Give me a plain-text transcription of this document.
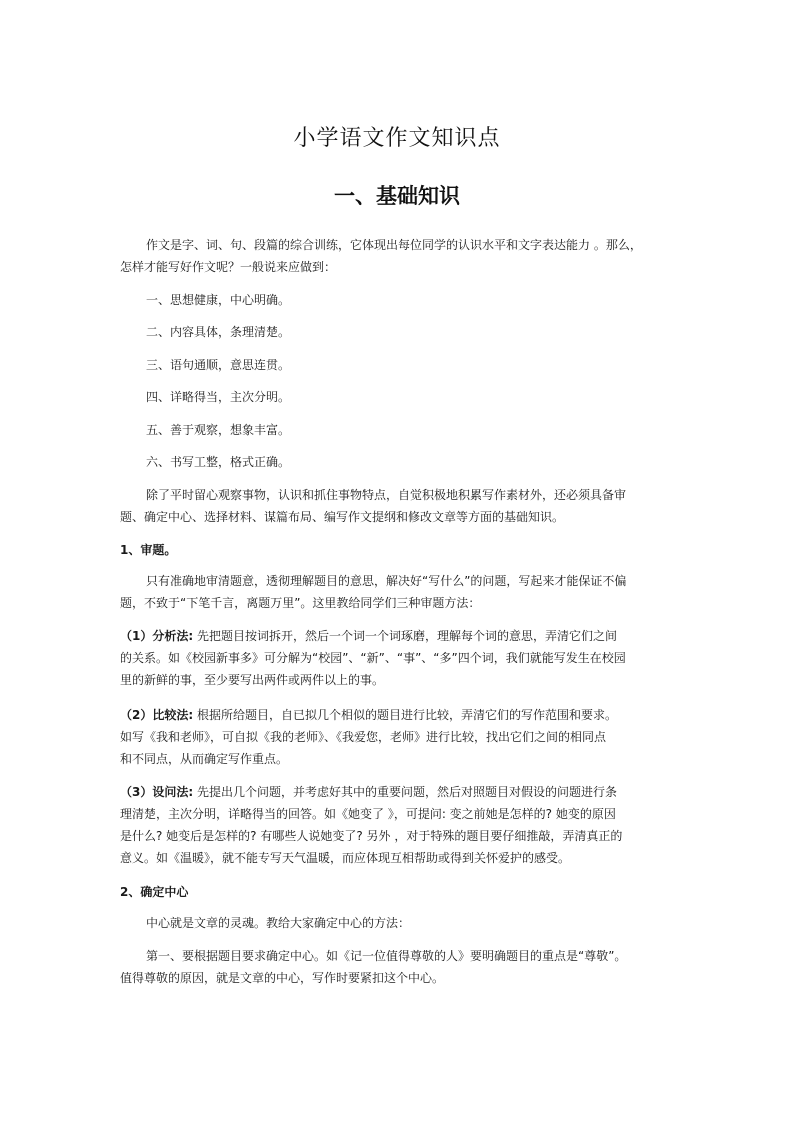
小学语文作文知识点
一、基础知识
作文是字、词、句、段篇的综合训练，它体现出每位同学的认识水平和文字表达能力 。那么，
怎样才能写好作文呢？一般说来应做到：
一、思想健康，中心明确。
二、内容具体，条理清楚。
三、语句通顺，意思连贯。
四、详略得当，主次分明。
五、善于观察，想象丰富。
六、书写工整，格式正确。
除了平时留心观察事物，认识和抓住事物特点，自觉积极地积累写作素材外，还必须具备审
题、确定中心、选择材料、谋篇布局、编写作文提纲和修改文章等方面的基础知识。
1、审题。
只有准确地审清题意，透彻理解题目的意思，解决好“写什么”的问题，写起来才能保证不偏
题，不致于“下笔千言，离题万里”。这里教给同学们三种审题方法：
（1）分析法: 先把题目按词拆开，然后一个词一个词琢磨，理解每个词的意思，弄清它们之间
的关系。如《校园新事多》可分解为“校园”、“新”、“事”、“多”四个词，我们就能写发生在校园
里的新鲜的事，至少要写出两件或两件以上的事。
（2）比较法: 根据所给题目，自已拟几个相似的题目进行比较，弄清它们的写作范围和要求。
如写《我和老师》，可自拟《我的老师》、《我爱您，老师》进行比较，找出它们之间的相同点
和不同点，从而确定写作重点。
（3）设问法: 先提出几个问题，并考虑好其中的重要问题，然后对照题目对假设的问题进行条
理清楚，主次分明，详略得当的回答。如《她变了 》，可提问: 变之前她是怎样的? 她变的原因
是什么? 她变后是怎样的? 有哪些人说她变了? 另外 ，对于特殊的题目要仔细推敲，弄清真正的
意义。如《温暖》，就不能专写天气温暖，而应体现互相帮助或得到关怀爱护的感受。
2、确定中心
中心就是文章的灵魂。教给大家确定中心的方法：
第一、要根据题目要求确定中心。如《记一位值得尊敬的人》要明确题目的重点是“尊敬”。
值得尊敬的原因，就是文章的中心，写作时要紧扣这个中心。
